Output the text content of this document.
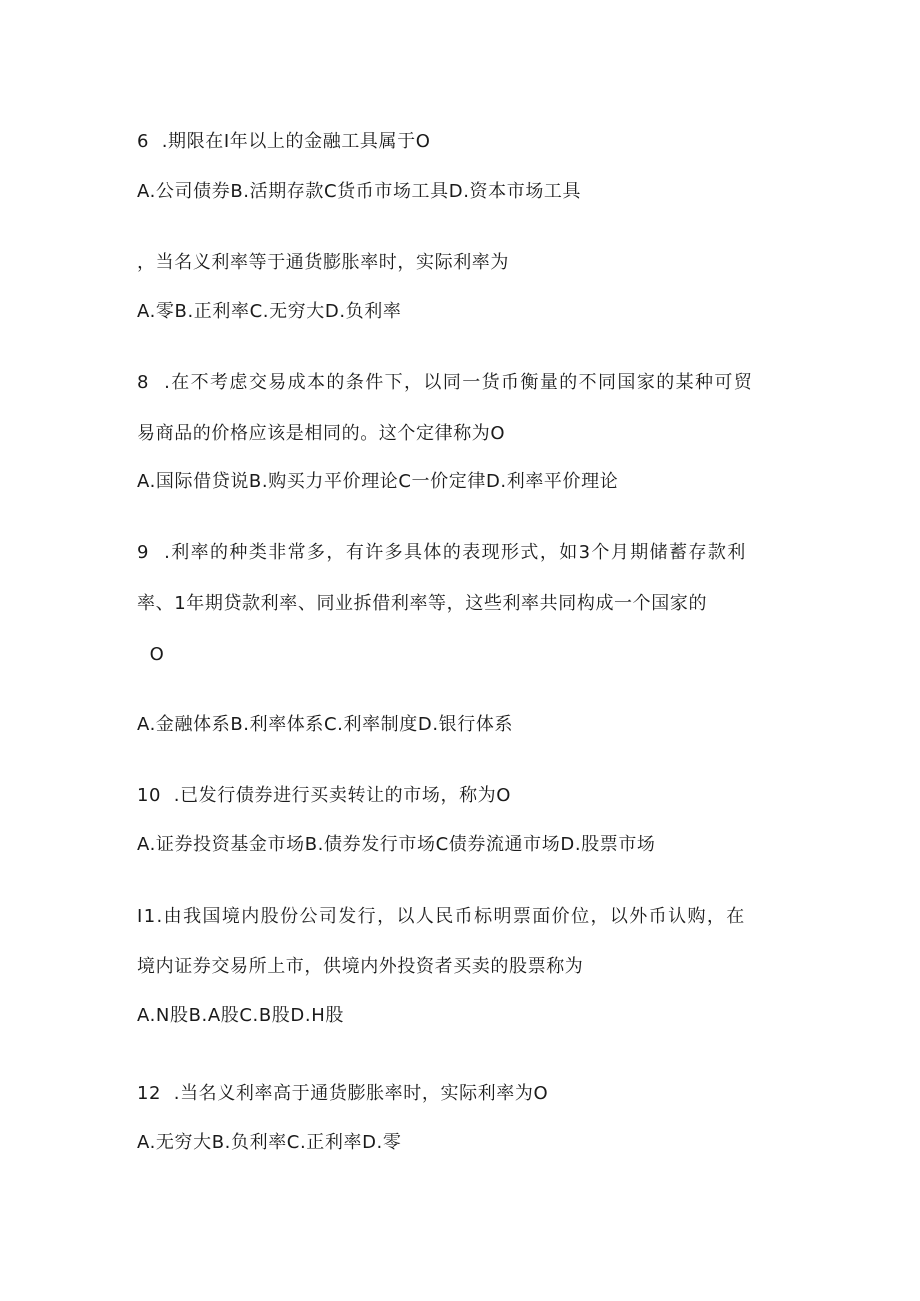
6  .期限在I年以上的金融工具属于O
A.公司债券B.活期存款C货币市场工具D.资本市场工具
，当名义利率等于通货膨胀率时，实际利率为
A.零B.正利率C.无穷大D.负利率
8  .在不考虑交易成本的条件下，以同一货币衡量的不同国家的某种可贸
易商品的价格应该是相同的。这个定律称为O
A.国际借贷说B.购买力平价理论C一价定律D.利率平价理论
9  .利率的种类非常多，有许多具体的表现形式，如3个月期储蓄存款利
率、1年期贷款利率、同业拆借利率等，这些利率共同构成一个国家的
O
A.金融体系B.利率体系C.利率制度D.银行体系
10  .已发行债券进行买卖转让的市场，称为O
A.证券投资基金市场B.债券发行市场C债券流通市场D.股票市场
I1.由我国境内股份公司发行，以人民币标明票面价位，以外币认购，在
境内证券交易所上市，供境内外投资者买卖的股票称为
A.N股B.A股C.B股D.H股
12  .当名义利率高于通货膨胀率时，实际利率为O
A.无穷大B.负利率C.正利率D.零
